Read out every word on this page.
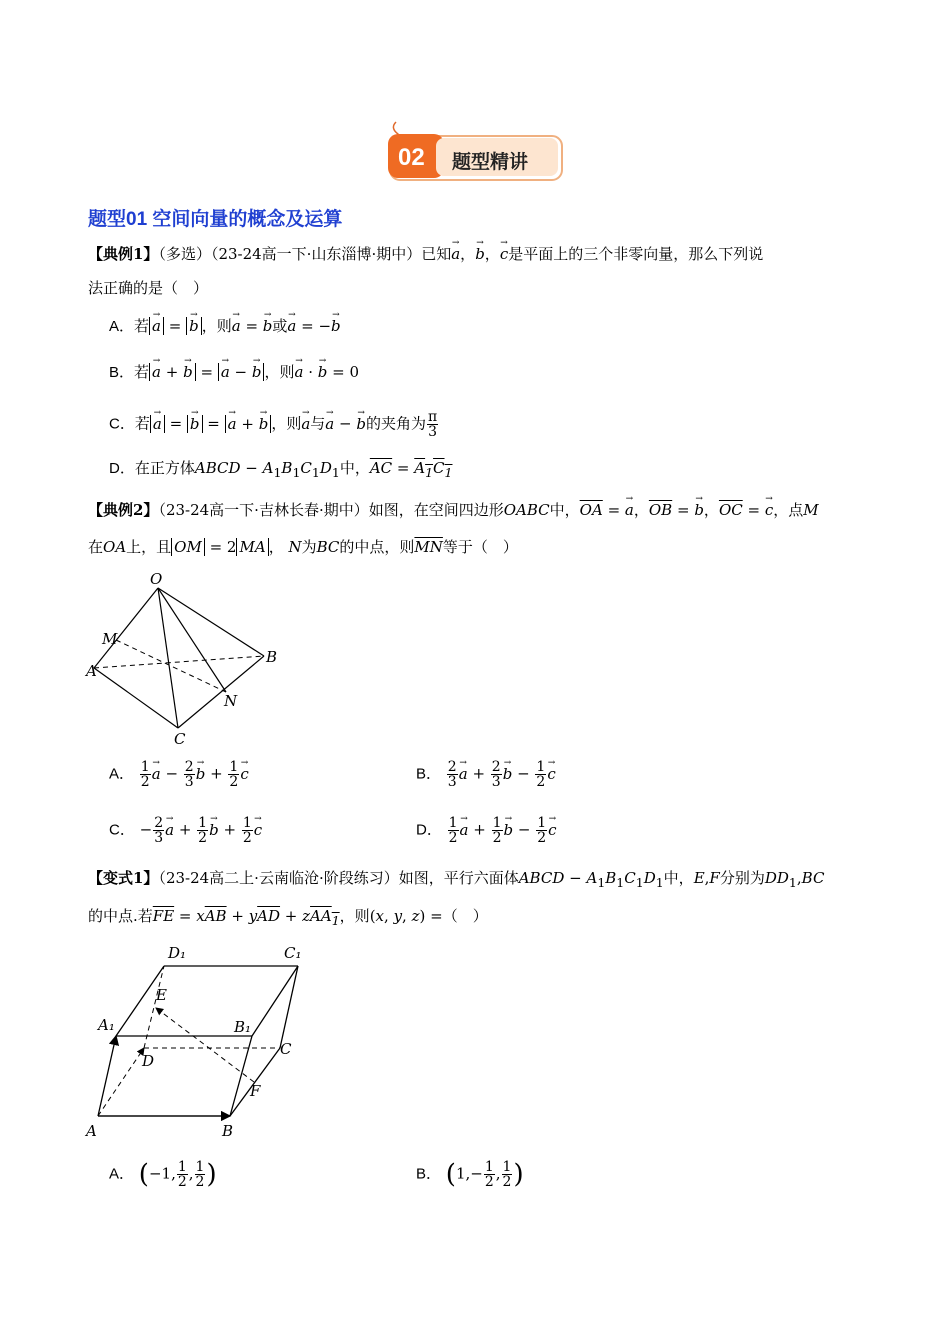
02 题型精讲
题型01 空间向量的概念及运算
【典例1】（多选）（23-24高一下·山东淄博·期中）已知→ a，→ b，→ c是平面上的三个非零向量，那么下列说
法正确的是（　）
A．若 → a = → b ，则→ a = → b或→ a = −→ b
B．若 → a + → b = → a − → b ，则→ a · → b = 0
C．若 → a = → b = → a + → b ，则→ a与→ a − → b的夹角为 $\frac{\pi}{3}$
D．在正方体ABCD − $A_1B_1C_1D_1$中，$\overline{AC} = A_1C_1$
【典例2】（23-24高一下·吉林长春·期中）如图，在空间四边形OABC中，$\overline{OA}$ = → a，$\overline{OB}$ = → b，$\overline{OC}$ = → c，点M
在OA上，且 OM = 2 MA ， N为BC的中点，则$\overline{MN}$等于（　）
O
M
A
B
N
C
A． $\frac{1}{2} \to a - \frac{2}{3} \to b + \frac{1}{2} \to c$	B． $\frac{2}{3} \to a + \frac{2}{3} \to b - \frac{1}{2} \to c$
C． − $\frac{2}{3} \to a + \frac{1}{2} \to b + \frac{1}{2} \to c$	D． $\frac{1}{2} \to a + \frac{1}{2} \to b - \frac{1}{2} \to c$
【变式1】（23-24高二上·云南临沧·阶段练习）如图，平行六面体ABCD − $A_1B_1C_1D_1$中，E,F分别为$DD_1,BC$
的中点.若$\overline{FE} = x\overline{AB} + y\overline{AD} + zAA_1$，则(x, y, z) =（　）
D₁	C₁
E
A₁	B₁
D
C
F
A	B
A． (−1, $\frac{1}{2}$ , $\frac{1}{2}$ )	B． ($1,- \frac{1}{2}$ , $\frac{1}{2}$ )
